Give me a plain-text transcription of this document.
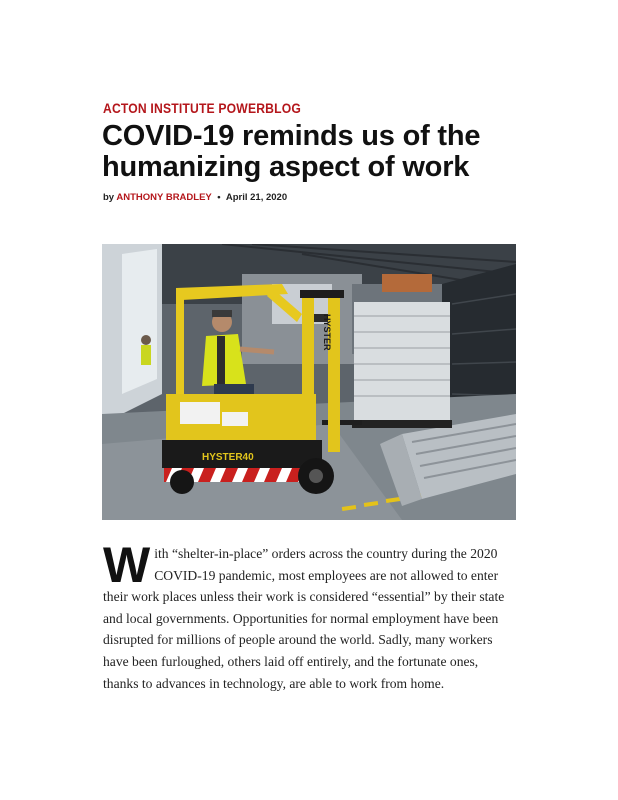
ACTON INSTITUTE POWERBLOG
COVID-19 reminds us of the humanizing aspect of work
by ANTHONY BRADLEY • April 21, 2020
HYSTER40
HYSTER
With “shelter-in-place” orders across the country during the 2020 COVID-19 pandemic, most employees are not allowed to enter their work places unless their work is considered “essential” by their state and local governments. Opportunities for normal employment have been disrupted for millions of people around the world. Sadly, many workers have been furloughed, others laid off entirely, and the fortunate ones, thanks to advances in technology, are able to work from home.
